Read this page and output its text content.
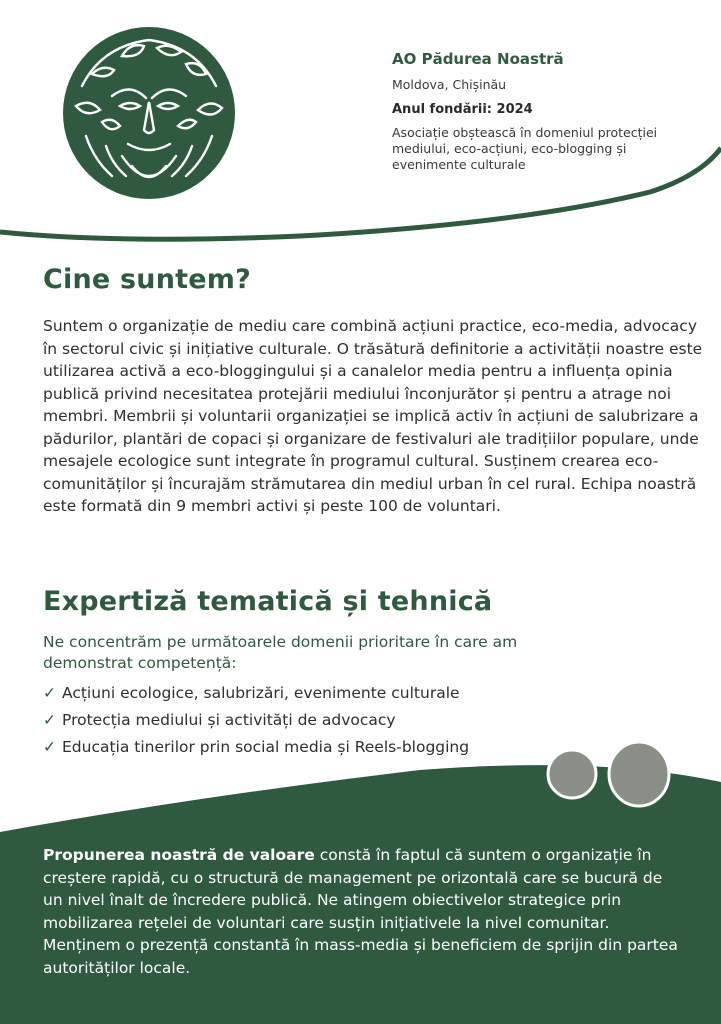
AO Pădurea Noastră

Moldova, Chișinău

Anul fondării: 2024

Asociație obștească în domeniul protecției mediului, eco-acțiuni, eco-blogging și evenimente culturale

Cine suntem?

Suntem o organizație de mediu care combină acțiuni practice, eco-media, advocacy în sectorul civic și inițiative culturale. O trăsătură definitorie a activității noastre este utilizarea activă a eco-bloggingului și a canalelor media pentru a influența opinia publică privind necesitatea protejării mediului înconjurător și pentru a atrage noi membri. Membrii și voluntarii organizației se implică activ în acțiuni de salubrizare a pădurilor, plantări de copaci și organizare de festivaluri ale tradițiilor populare, unde mesajele ecologice sunt integrate în programul cultural. Susținem crearea eco-comunităților și încurajăm strămutarea din mediul urban în cel rural. Echipa noastră este formată din 9 membri activi și peste 100 de voluntari.

Expertiză tematică și tehnică

Ne concentrăm pe următoarele domenii prioritare în care am demonstrat competență:

✓ Acțiuni ecologice, salubrizări, evenimente culturale
✓ Protecția mediului și activități de advocacy
✓ Educația tinerilor prin social media și Reels-blogging

Propunerea noastră de valoare constă în faptul că suntem o organizație în creștere rapidă, cu o structură de management pe orizontală care se bucură de un nivel înalt de încredere publică. Ne atingem obiectivelor strategice prin mobilizarea rețelei de voluntari care susțin inițiativele la nivel comunitar. Menținem o prezență constantă în mass-media și beneficiem de sprijin din partea autorităților locale.
